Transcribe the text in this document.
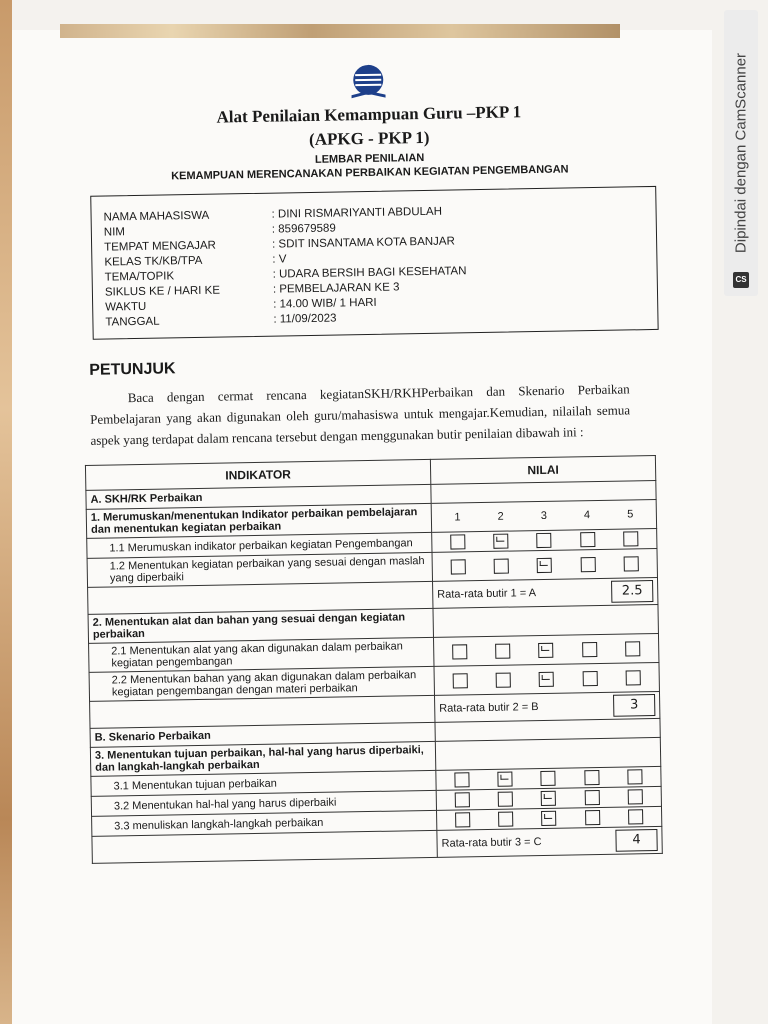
Dipindai dengan CamScanner
CS
Alat Penilaian Kemampuan Guru –PKP 1
(APKG - PKP 1)
LEMBAR PENILAIAN
KEMAMPUAN MERENCANAKAN PERBAIKAN KEGIATAN PENGEMBANGAN
NAMA MAHASISWA	: DINI RISMARIYANTI ABDULAH
NIM	: 859679589
TEMPAT MENGAJAR	: SDIT INSANTAMA KOTA BANJAR
KELAS TK/KB/TPA	: V
TEMA/TOPIK	: UDARA BERSIH BAGI KESEHATAN
SIKLUS KE / HARI KE	: PEMBELAJARAN KE 3
WAKTU	: 14.00 WIB/ 1 HARI
TANGGAL	: 11/09/2023
PETUNJUK
Baca dengan cermat rencana kegiatanSKH/RKHPerbaikan dan Skenario Perbaikan Pembelajaran yang akan digunakan oleh guru/mahasiswa untuk mengajar.Kemudian, nilailah semua aspek yang terdapat dalam rencana tersebut dengan menggunakan butir penilaian dibawah ini :
INDIKATOR	NILAI
A. SKH/RK Perbaikan	
1. Merumuskan/menentukan Indikator perbaikan pembelajaran dan menentukan kegiatan perbaikan	1 2 3 4 5

1.1 Merumuskan indikator perbaikan kegiatan Pengembangan	

1.2 Menentukan kegiatan perbaikan yang sesuai dengan maslah yang diperbaiki	

	Rata-rata butir 1 = A 2.5

2. Menentukan alat dan bahan yang sesuai dengan kegiatan perbaikan	
2.1 Menentukan alat yang akan digunakan dalam perbaikan kegiatan pengembangan	

2.2 Menentukan bahan yang akan digunakan dalam perbaikan kegiatan pengembangan dengan materi perbaikan	

	Rata-rata butir 2 = B 3

B. Skenario Perbaikan	
3. Menentukan tujuan perbaikan, hal-hal yang harus diperbaiki, dan langkah-langkah perbaikan	
3.1 Menentukan tujuan perbaikan	

3.2 Menentukan hal-hal yang harus diperbaiki	

3.3 menuliskan langkah-langkah perbaikan	

	Rata-rata butir 3 = C 4
